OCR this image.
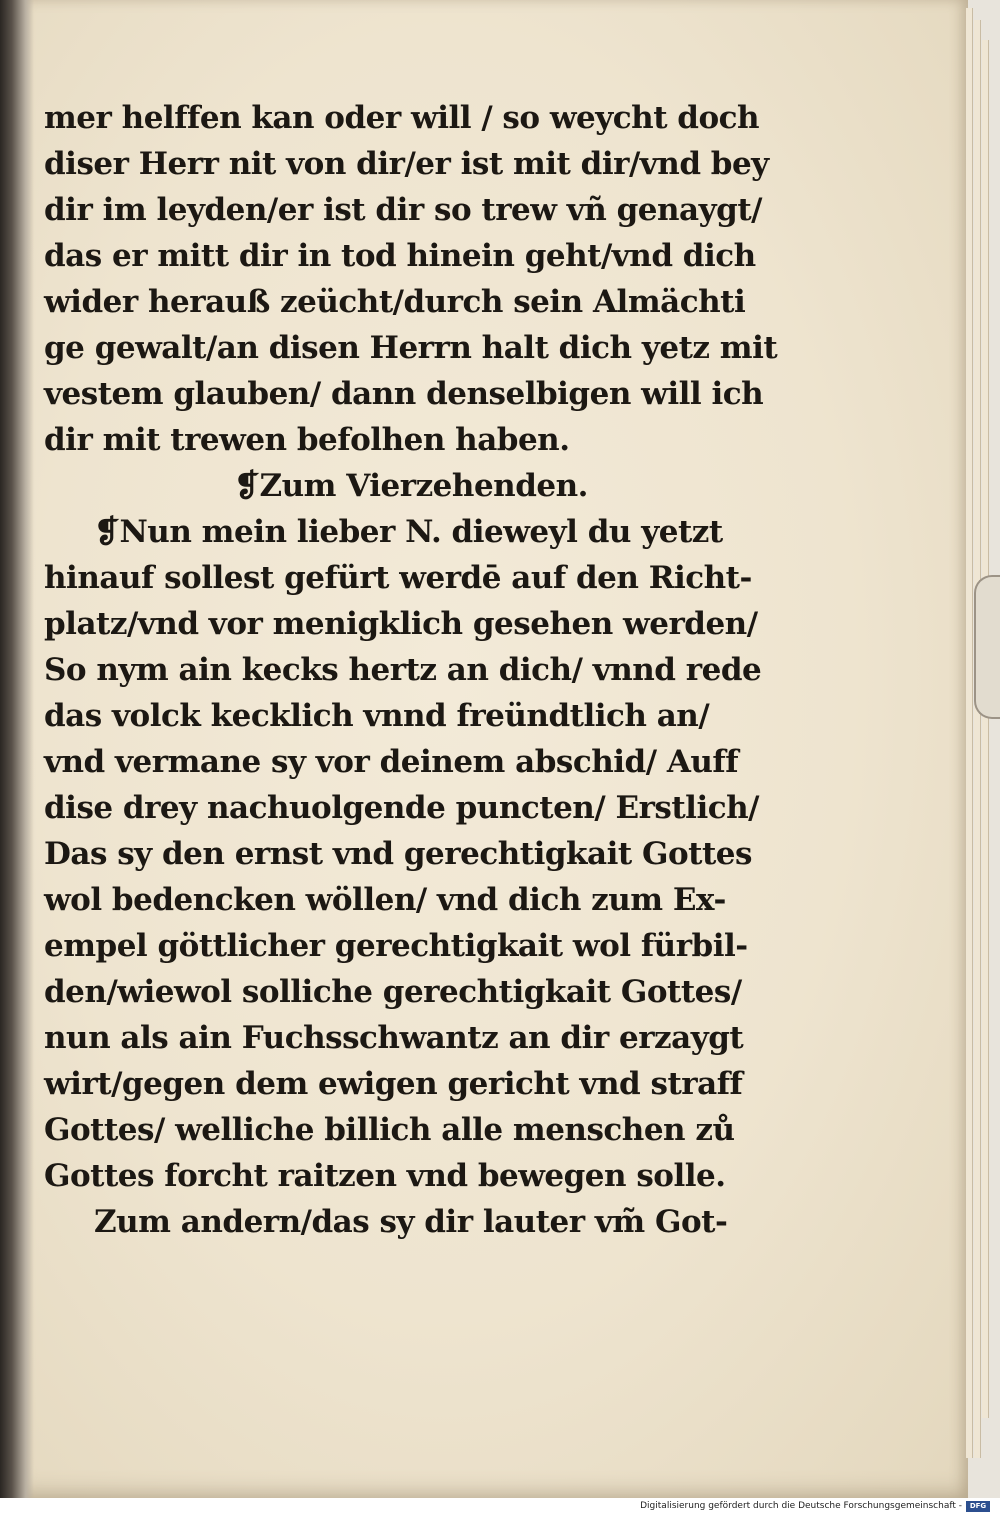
mer helffen kan oder will / so weycht doch
diser Herr nit von dir/er ist mit dir/vnd bey
dir im leyden/er ist dir so trew vñ genaygt/
das er mitt dir in tod hinein geht/vnd dich
wider herauß zeücht/durch sein Almächti
ge gewalt/an disen Herrn halt dich yetz mit
vestem glauben/ dann denselbigen will ich
dir mit trewen befolhen haben.
❡Zum Vierzehenden.
❡Nun mein lieber N. dieweyl du yetzt
hinauf sollest gefürt werdē auf den Richt-
platz/vnd vor menigklich gesehen werden/
So nym ain kecks hertz an dich/ vnnd rede
das volck kecklich vnnd freündtlich an/
vnd vermane sy vor deinem abschid/ Auff
dise drey nachuolgende puncten/ Erstlich/
Das sy den ernst vnd gerechtigkait Gottes
wol bedencken wöllen/ vnd dich zum Ex-
empel göttlicher gerechtigkait wol fürbil-
den/wiewol solliche gerechtigkait Gottes/
nun als ain Fuchsschwantz an dir erzaygt
wirt/gegen dem ewigen gericht vnd straff
Gottes/ welliche billich alle menschen zů
Gottes forcht raitzen vnd bewegen solle.
Zum andern/das sy dir lauter vm̃ Got-
Digitalisierung gefördert durch die Deutsche Forschungsgemeinschaft -	DFG
